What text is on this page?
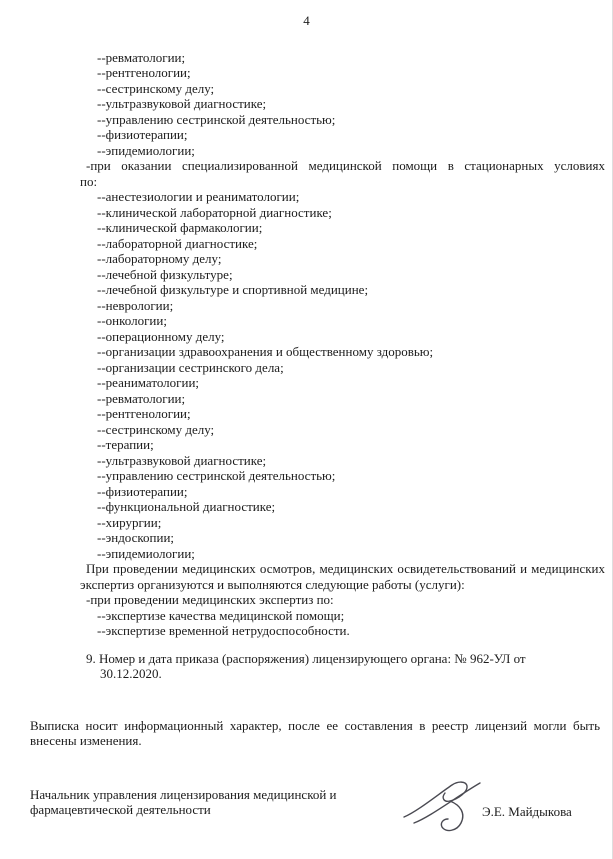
4
--ревматологии;
--рентгенологии;
--сестринскому делу;
--ультразвуковой диагностике;
--управлению сестринской деятельностью;
--физиотерапии;
--эпидемиологии;
-при оказании специализированной медицинской помощи в стационарных условиях
по:
--анестезиологии и реаниматологии;
--клинической лабораторной диагностике;
--клинической фармакологии;
--лабораторной диагностике;
--лабораторному делу;
--лечебной физкультуре;
--лечебной физкультуре и спортивной медицине;
--неврологии;
--онкологии;
--операционному делу;
--организации здравоохранения и общественному здоровью;
--организации сестринского дела;
--реаниматологии;
--ревматологии;
--рентгенологии;
--сестринскому делу;
--терапии;
--ультразвуковой диагностике;
--управлению сестринской деятельностью;
--физиотерапии;
--функциональной диагностике;
--хирургии;
--эндоскопии;
--эпидемиологии;
При проведении медицинских осмотров, медицинских освидетельствований и медицинских экспертиз организуются и выполняются следующие работы (услуги):
-при проведении медицинских экспертиз по:
--экспертизе качества медицинской помощи;
--экспертизе временной нетрудоспособности.
9. Номер и дата приказа (распоряжения) лицензирующего органа: № 962-УЛ от
30.12.2020.
Выписка носит информационный характер, после ее составления в реестр лицензий могли быть внесены изменения.
Начальник управления лицензирования медицинской и фармацевтической деятельности	Э.Е. Майдыкова
